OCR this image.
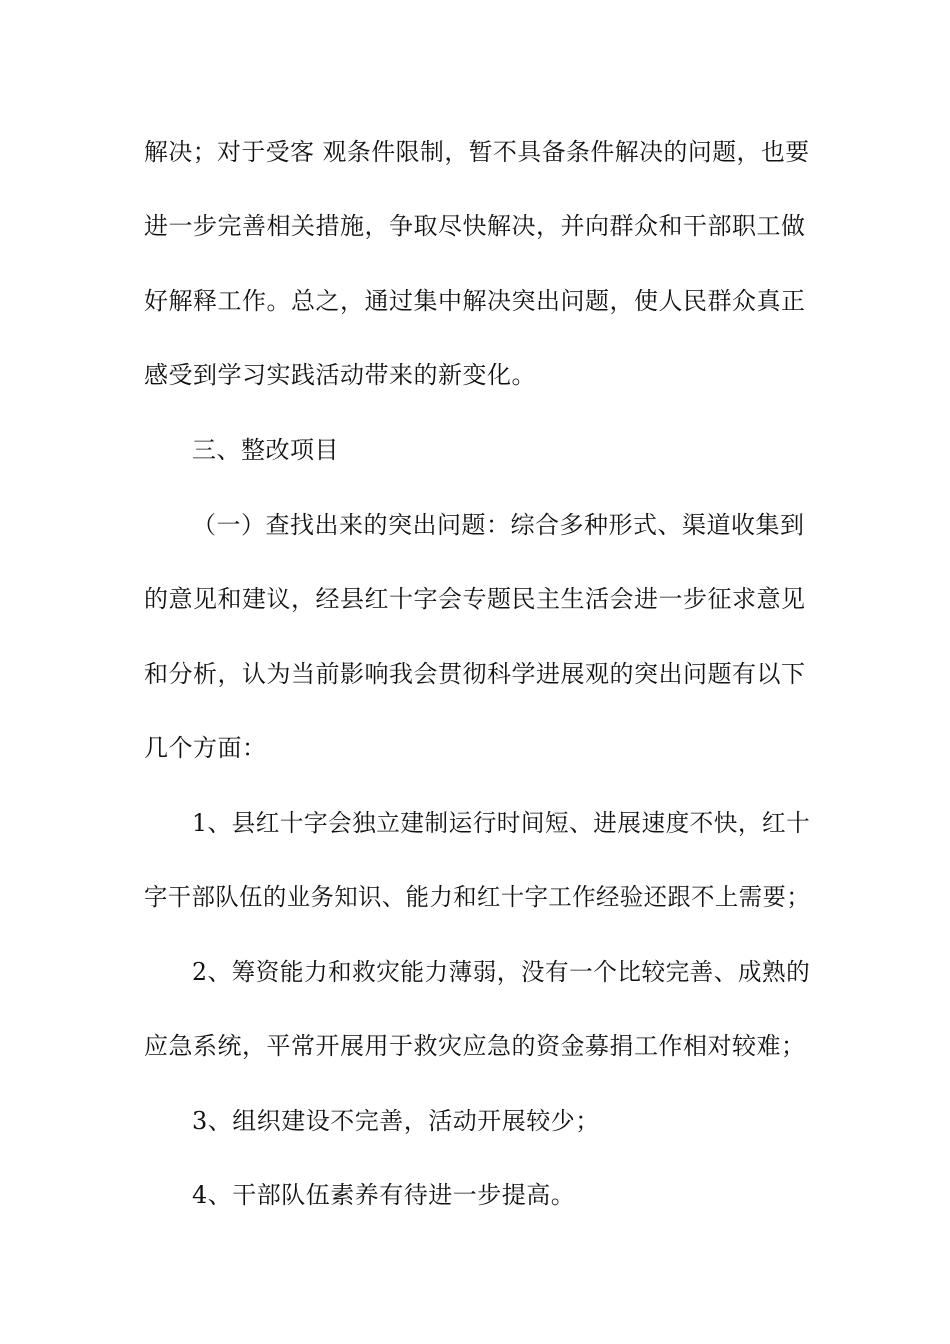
解决；对于受客 观条件限制，暂不具备条件解决的问题，也要
进一步完善相关措施，争取尽快解决，并向群众和干部职工做
好解释工作。总之，通过集中解决突出问题，使人民群众真正
感受到学习实践活动带来的新变化。
三、整改项目
（一）查找出来的突出问题：综合多种形式、渠道收集到
的意见和建议，经县红十字会专题民主生活会进一步征求意见
和分析，认为当前影响我会贯彻科学进展观的突出问题有以下
几个方面：
1、县红十字会独立建制运行时间短、进展速度不快，红十
字干部队伍的业务知识、能力和红十字工作经验还跟不上需要；
2、筹资能力和救灾能力薄弱，没有一个比较完善、成熟的
应急系统，平常开展用于救灾应急的资金募捐工作相对较难；
3、组织建设不完善，活动开展较少；
4、干部队伍素养有待进一步提高。
